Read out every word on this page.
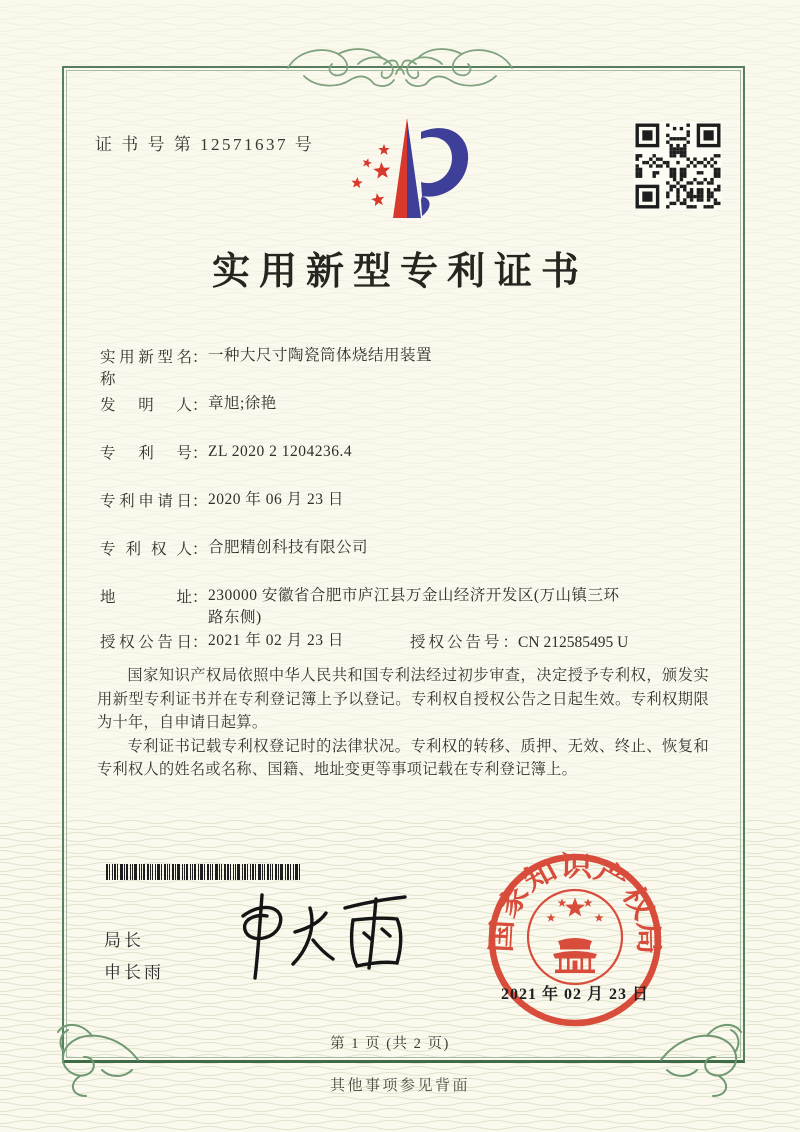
证 书 号 第 12571637 号
实用新型专利证书
实用新型名称：一种大尺寸陶瓷筒体烧结用装置
发明人：章旭;徐艳
专利号：ZL 2020 2 1204236.4
专利申请日：2020 年 06 月 23 日
专利权人：合肥精创科技有限公司
地址：230000 安徽省合肥市庐江县万金山经济开发区(万山镇三环路东侧)
授权公告日：2021 年 02 月 23 日	授权公告号：CN 212585495 U

国家知识产权局依照中华人民共和国专利法经过初步审查，决定授予专利权，颁发实用新型专利证书并在专利登记簿上予以登记。专利权自授权公告之日起生效。专利权期限为十年，自申请日起算。

专利证书记载专利权登记时的法律状况。专利权的转移、质押、无效、终止、恢复和专利权人的姓名或名称、国籍、地址变更等事项记载在专利登记簿上。

局长
申长雨
国家知识产权局
2021 年 02 月 23 日
第 1 页 (共 2 页)
其他事项参见背面
